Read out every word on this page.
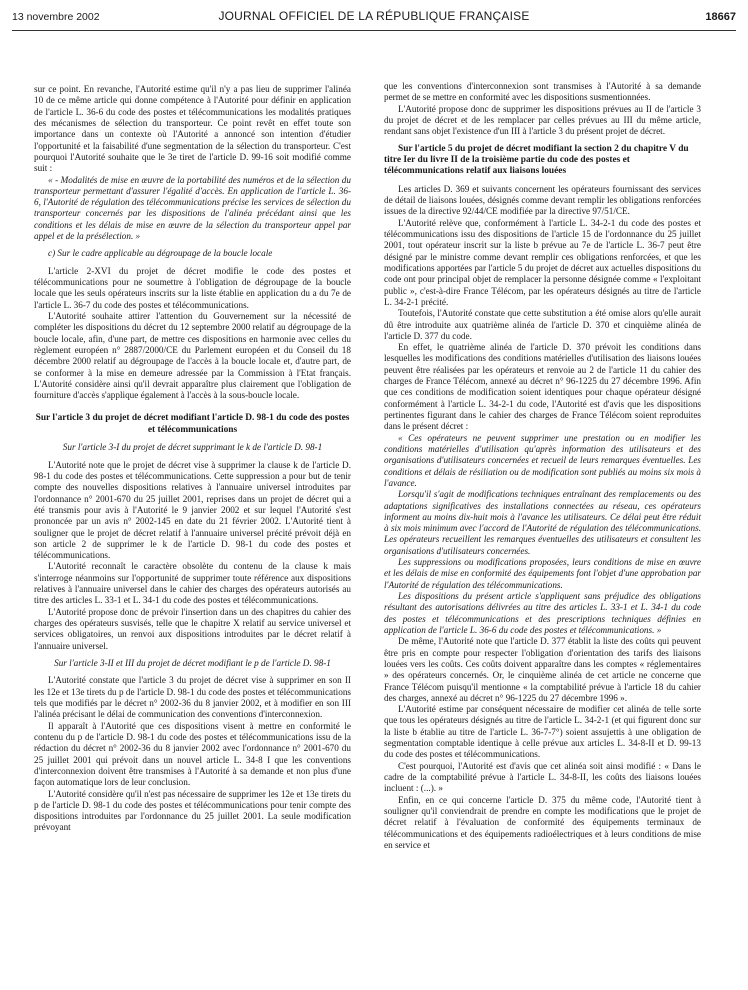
13 novembre 2002	JOURNAL OFFICIEL DE LA RÉPUBLIQUE FRANÇAISE	18667

sur ce point. En revanche, l'Autorité estime qu'il n'y a pas lieu de supprimer l'alinéa 10 de ce même article qui donne compétence à l'Autorité pour définir en application de l'article L. 36-6 du code des postes et télécommunications les modalités pratiques des mécanismes de sélection du transporteur. Ce point revêt en effet toute son importance dans un contexte où l'Autorité a annoncé son intention d'étudier l'opportunité et la faisabilité d'une segmentation de la sélection du transporteur. C'est pourquoi l'Autorité souhaite que le 3e tiret de l'article D. 99-16 soit modifié comme suit :

« - Modalités de mise en œuvre de la portabilité des numéros et de la sélection du transporteur permettant d'assurer l'égalité d'accès. En application de l'article L. 36-6, l'Autorité de régulation des télécommunications précise les services de sélection du transporteur concernés par les dispositions de l'alinéa précédant ainsi que les conditions et les délais de mise en œuvre de la sélection du transporteur appel par appel et de la présélection. »

c) Sur le cadre applicable au dégroupage de la boucle locale

L'article 2-XVI du projet de décret modifie le code des postes et télécommunications pour ne soumettre à l'obligation de dégroupage de la boucle locale que les seuls opérateurs inscrits sur la liste établie en application du a du 7e de l'article L. 36-7 du code des postes et télécommunications.

L'Autorité souhaite attirer l'attention du Gouvernement sur la nécessité de compléter les dispositions du décret du 12 septembre 2000 relatif au dégroupage de la boucle locale, afin, d'une part, de mettre ces dispositions en harmonie avec celles du règlement européen n° 2887/2000/CE du Parlement européen et du Conseil du 18 décembre 2000 relatif au dégroupage de l'accès à la boucle locale et, d'autre part, de se conformer à la mise en demeure adressée par la Commission à l'Etat français. L'Autorité considère ainsi qu'il devrait apparaître plus clairement que l'obligation de fourniture d'accès s'applique également à l'accès à la sous-boucle locale.

Sur l'article 3 du projet de décret modifiant l'article D. 98-1 du code des postes et télécommunications

Sur l'article 3-I du projet de décret supprimant le k de l'article D. 98-1

L'Autorité note que le projet de décret vise à supprimer la clause k de l'article D. 98-1 du code des postes et télécommunications. Cette suppression a pour but de tenir compte des nouvelles dispositions relatives à l'annuaire universel introduites par l'ordonnance n° 2001-670 du 25 juillet 2001, reprises dans un projet de décret qui a été transmis pour avis à l'Autorité le 9 janvier 2002 et sur lequel l'Autorité s'est prononcée par un avis n° 2002-145 en date du 21 février 2002. L'Autorité tient à souligner que le projet de décret relatif à l'annuaire universel précité prévoit déjà en son article 2 de supprimer le k de l'article D. 98-1 du code des postes et télécommunications.

L'Autorité reconnaît le caractère obsolète du contenu de la clause k mais s'interroge néanmoins sur l'opportunité de supprimer toute référence aux dispositions relatives à l'annuaire universel dans le cahier des charges des opérateurs autorisés au titre des articles L. 33-1 et L. 34-1 du code des postes et télécommunications.

L'Autorité propose donc de prévoir l'insertion dans un des chapitres du cahier des charges des opérateurs susvisés, telle que le chapitre X relatif au service universel et services obligatoires, un renvoi aux dispositions introduites par le décret relatif à l'annuaire universel.

Sur l'article 3-II et III du projet de décret modifiant le p de l'article D. 98-1

L'Autorité constate que l'article 3 du projet de décret vise à supprimer en son II les 12e et 13e tirets du p de l'article D. 98-1 du code des postes et télécommunications tels que modifiés par le décret n° 2002-36 du 8 janvier 2002, et à modifier en son III l'alinéa précisant le délai de communication des conventions d'interconnexion.

Il apparaît à l'Autorité que ces dispositions visent à mettre en conformité le contenu du p de l'article D. 98-1 du code des postes et télécommunications issu de la rédaction du décret n° 2002-36 du 8 janvier 2002 avec l'ordonnance n° 2001-670 du 25 juillet 2001 qui prévoit dans un nouvel article L. 34-8 I que les conventions d'interconnexion doivent être transmises à l'Autorité à sa demande et non plus d'une façon automatique lors de leur conclusion.

L'Autorité considère qu'il n'est pas nécessaire de supprimer les 12e et 13e tirets du p de l'article D. 98-1 du code des postes et télécommunications pour tenir compte des dispositions introduites par l'ordonnance du 25 juillet 2001. La seule modification prévoyant

que les conventions d'interconnexion sont transmises à l'Autorité à sa demande permet de se mettre en conformité avec les dispositions susmentionnées.

L'Autorité propose donc de supprimer les dispositions prévues au II de l'article 3 du projet de décret et de les remplacer par celles prévues au III du même article, rendant sans objet l'existence d'un III à l'article 3 du présent projet de décret.

Sur l'article 5 du projet de décret modifiant la section 2 du chapitre V du titre Ier du livre II de la troisième partie du code des postes et télécommunications relatif aux liaisons louées

Les articles D. 369 et suivants concernent les opérateurs fournissant des services de détail de liaisons louées, désignés comme devant remplir les obligations renforcées issues de la directive 92/44/CE modifiée par la directive 97/51/CE.

L'Autorité relève que, conformément à l'article L. 34-2-1 du code des postes et télécommunications issu des dispositions de l'article 15 de l'ordonnance du 25 juillet 2001, tout opérateur inscrit sur la liste b prévue au 7e de l'article L. 36-7 peut être désigné par le ministre comme devant remplir ces obligations renforcées, et que les modifications apportées par l'article 5 du projet de décret aux actuelles dispositions du code ont pour principal objet de remplacer la personne désignée comme « l'exploitant public », c'est-à-dire France Télécom, par les opérateurs désignés au titre de l'article L. 34-2-1 précité.

Toutefois, l'Autorité constate que cette substitution a été omise alors qu'elle aurait dû être introduite aux quatrième alinéa de l'article D. 370 et cinquième alinéa de l'article D. 377 du code.

En effet, le quatrième alinéa de l'article D. 370 prévoit les conditions dans lesquelles les modifications des conditions matérielles d'utilisation des liaisons louées peuvent être réalisées par les opérateurs et renvoie au 2 de l'article 11 du cahier des charges de France Télécom, annexé au décret n° 96-1225 du 27 décembre 1996. Afin que ces conditions de modification soient identiques pour chaque opérateur désigné conformément à l'article L. 34-2-1 du code, l'Autorité est d'avis que les dispositions pertinentes figurant dans le cahier des charges de France Télécom soient reproduites dans le présent décret :

« Ces opérateurs ne peuvent supprimer une prestation ou en modifier les conditions matérielles d'utilisation qu'après information des utilisateurs et des organisations d'utilisateurs concernées et recueil de leurs remarques éventuelles. Les conditions et délais de résiliation ou de modification sont publiés au moins six mois à l'avance.

Lorsqu'il s'agit de modifications techniques entraînant des remplacements ou des adaptations significatives des installations connectées au réseau, ces opérateurs informent au moins dix-huit mois à l'avance les utilisateurs. Ce délai peut être réduit à six mois minimum avec l'accord de l'Autorité de régulation des télécommunications. Les opérateurs recueillent les remarques éventuelles des utilisateurs et consultent les organisations d'utilisateurs concernées.

Les suppressions ou modifications proposées, leurs conditions de mise en œuvre et les délais de mise en conformité des équipements font l'objet d'une approbation par l'Autorité de régulation des télécommunications.

Les dispositions du présent article s'appliquent sans préjudice des obligations résultant des autorisations délivrées au titre des articles L. 33-1 et L. 34-1 du code des postes et télécommunications et des prescriptions techniques définies en application de l'article L. 36-6 du code des postes et télécommunications. »

De même, l'Autorité note que l'article D. 377 établit la liste des coûts qui peuvent être pris en compte pour respecter l'obligation d'orientation des tarifs des liaisons louées vers les coûts. Ces coûts doivent apparaître dans les comptes « réglementaires » des opérateurs concernés. Or, le cinquième alinéa de cet article ne concerne que France Télécom puisqu'il mentionne « la comptabilité prévue à l'article 18 du cahier des charges, annexé au décret n° 96-1225 du 27 décembre 1996 ».

L'Autorité estime par conséquent nécessaire de modifier cet alinéa de telle sorte que tous les opérateurs désignés au titre de l'article L. 34-2-1 (et qui figurent donc sur la liste b établie au titre de l'article L. 36-7-7°) soient assujettis à une obligation de segmentation comptable identique à celle prévue aux articles L. 34-8-II et D. 99-13 du code des postes et télécommunications.

C'est pourquoi, l'Autorité est d'avis que cet alinéa soit ainsi modifié : « Dans le cadre de la comptabilité prévue à l'article L. 34-8-II, les coûts des liaisons louées incluent : (...). »

Enfin, en ce qui concerne l'article D. 375 du même code, l'Autorité tient à souligner qu'il conviendrait de prendre en compte les modifications que le projet de décret relatif à l'évaluation de conformité des équipements terminaux de télécommunications et des équipements radioélectriques et à leurs conditions de mise en service et
